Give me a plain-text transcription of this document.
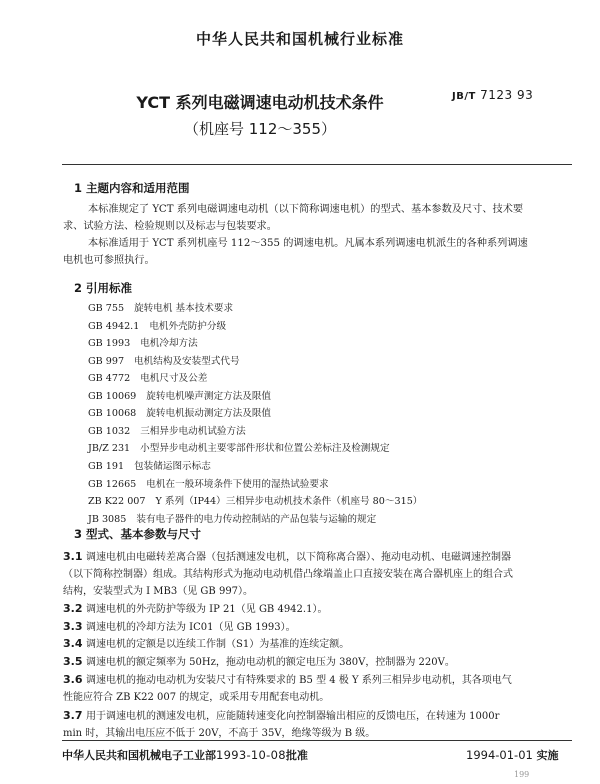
中华人民共和国机械行业标准
JB/T 7123 93
YCT 系列电磁调速电动机技术条件
（机座号 112～355）
1 主题内容和适用范围
本标准规定了 YCT 系列电磁调速电动机（以下简称调速电机）的型式、基本参数及尺寸、技术要
求、试验方法、检验规则以及标志与包装要求。
本标准适用于 YCT 系列机座号 112～355 的调速电机。凡属本系列调速电机派生的各种系列调速
电机也可参照执行。
2 引用标准
GB 755 旋转电机 基本技术要求
GB 4942.1 电机外壳防护分级
GB 1993 电机冷却方法
GB 997 电机结构及安装型式代号
GB 4772 电机尺寸及公差
GB 10069 旋转电机噪声测定方法及限值
GB 10068 旋转电机振动测定方法及限值
GB 1032 三相异步电动机试验方法
JB/Z 231 小型异步电动机主要零部件形状和位置公差标注及检测规定
GB 191 包装储运图示标志
GB 12665 电机在一般环境条件下使用的湿热试验要求
ZB K22 007 Y 系列（IP44）三相异步电动机技术条件（机座号 80～315）
JB 3085 装有电子器件的电力传动控制站的产品包装与运输的规定
3 型式、基本参数与尺寸
3.1 调速电机由电磁转差离合器（包括测速发电机，以下简称离合器）、拖动电动机、电磁调速控制器
（以下简称控制器）组成。其结构形式为拖动电动机借凸缘端盖止口直接安装在离合器机座上的组合式
结构，安装型式为 I MB3（见 GB 997）。
3.2 调速电机的外壳防护等级为 IP 21（见 GB 4942.1）。
3.3 调速电机的冷却方法为 IC01（见 GB 1993）。
3.4 调速电机的定额是以连续工作制（S1）为基准的连续定额。
3.5 调速电机的额定频率为 50Hz，拖动电动机的额定电压为 380V，控制器为 220V。
3.6 调速电机的拖动电动机为安装尺寸有特殊要求的 B5 型 4 极 Y 系列三相异步电动机，其各项电气
性能应符合 ZB K22 007 的规定，或采用专用配套电动机。
3.7 用于调速电机的测速发电机，应能随转速变化向控制器输出相应的反馈电压，在转速为 1000r
min 时，其输出电压应不低于 20V，不高于 35V，绝缘等级为 B 级。
中华人民共和国机械电子工业部1993-10-08批准	1994-01-01 实施
199
